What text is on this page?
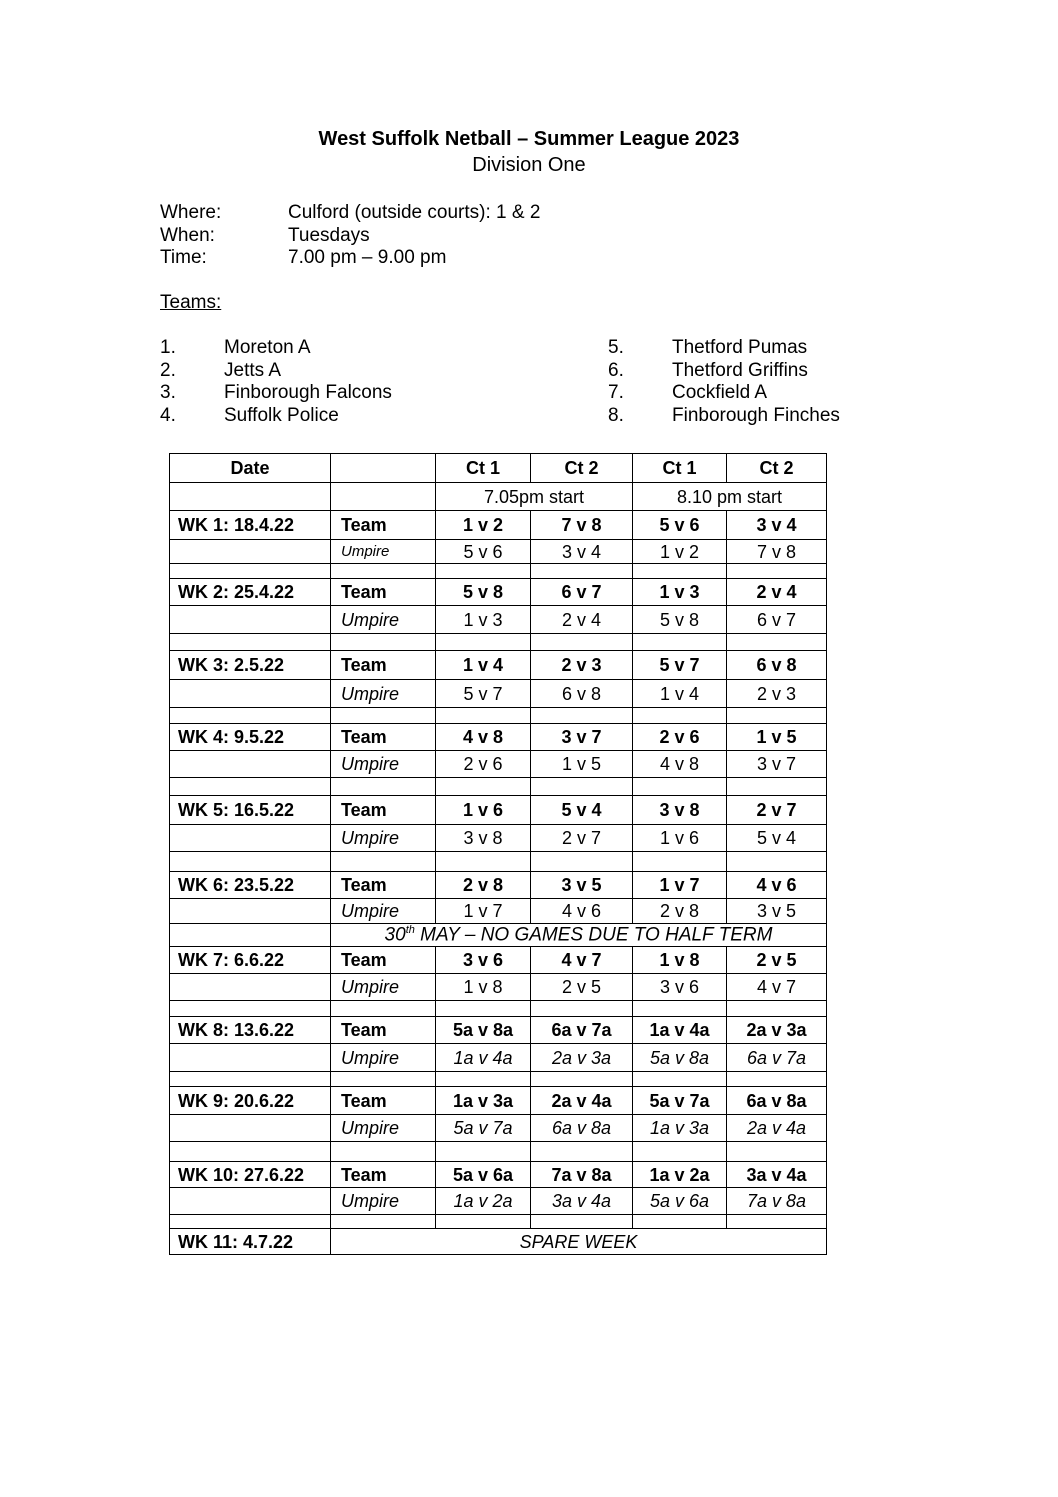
West Suffolk Netball – Summer League 2023
Division One
Where:	Culford (outside courts): 1 & 2
When:	Tuesdays
Time:	7.00 pm – 9.00 pm
Teams:
1.	Moreton A
2.	Jetts A
3.	Finborough Falcons
4.	Suffolk Police
5.	Thetford Pumas
6.	Thetford Griffins
7.	Cockfield A
8.	Finborough Finches
Date		Ct 1	Ct 2	Ct 1	Ct 2
		7.05pm start		8.10 pm start	
WK 1: 18.4.22	Team	1 v 2	7 v 8	5 v 6	3 v 4
	Umpire	5 v 6	3 v 4	1 v 2	7 v 8

WK 2: 25.4.22	Team	5 v 8	6 v 7	1 v 3	2 v 4
	Umpire	1 v 3	2 v 4	5 v 8	6 v 7

WK 3: 2.5.22	Team	1 v 4	2 v 3	5 v 7	6 v 8
	Umpire	5 v 7	6 v 8	1 v 4	2 v 3

WK 4: 9.5.22	Team	4 v 8	3 v 7	2 v 6	1 v 5
	Umpire	2 v 6	1 v 5	4 v 8	3 v 7

WK 5: 16.5.22	Team	1 v 6	5 v 4	3 v 8	2 v 7
	Umpire	3 v 8	2 v 7	1 v 6	5 v 4

WK 6: 23.5.22	Team	2 v 8	3 v 5	1 v 7	4 v 6
	Umpire	1 v 7	4 v 6	2 v 8	3 v 5
	30th MAY – NO GAMES DUE TO HALF TERM				
WK 7: 6.6.22	Team	3 v 6	4 v 7	1 v 8	2 v 5
	Umpire	1 v 8	2 v 5	3 v 6	4 v 7

WK 8: 13.6.22	Team	5a v 8a	6a v 7a	1a v 4a	2a v 3a
	Umpire	1a v 4a	2a v 3a	5a v 8a	6a v 7a

WK 9: 20.6.22	Team	1a v 3a	2a v 4a	5a v 7a	6a v 8a
	Umpire	5a v 7a	6a v 8a	1a v 3a	2a v 4a

WK 10: 27.6.22	Team	5a v 6a	7a v 8a	1a v 2a	3a v 4a
	Umpire	1a v 2a	3a v 4a	5a v 6a	7a v 8a

WK 11: 4.7.22	SPARE WEEK				
